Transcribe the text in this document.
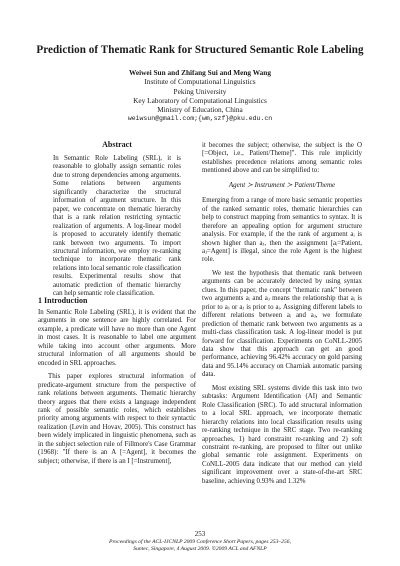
Prediction of Thematic Rank for Structured Semantic Role Labeling
Weiwei Sun and Zhifang Sui and Meng Wang
Institute of Computational Linguistics
Peking University
Key Laboratory of Computational Linguistics
Ministry of Education, China
weiwsun@gmail.com;{wm,szf}@pku.edu.cn
Abstract
In Semantic Role Labeling (SRL), it is reasonable to globally assign semantic roles due to strong dependencies among arguments. Some relations between arguments significantly characterize the structural information of argument structure. In this paper, we concentrate on thematic hierarchy that is a rank relation restricting syntactic realization of arguments. A log-linear model is proposed to accurately identify thematic rank between two arguments. To import structural information, we employ re-ranking technique to incorporate thematic rank relations into local semantic role classification results. Experimental results show that automatic prediction of thematic hierarchy can help semantic role classification.
1 Introduction
In Semantic Role Labeling (SRL), it is evident that the arguments in one sentence are highly correlated. For example, a predicate will have no more than one Agent in most cases. It is reasonable to label one argument while taking into account other arguments. More structural information of all arguments should be encoded in SRL approaches.
This paper explores structural information of predicate-argument structure from the perspective of rank relations between arguments. Thematic hierarchy theory argues that there exists a language independent rank of possible semantic roles, which establishes priority among arguments with respect to their syntactic realization (Levin and Hovav, 2005). This construct has been widely implicated in linguistic phenomena, such as in the subject selection rule of Fillmore's Case Grammar (1968): "If there is an A [=Agent], it becomes the subject; otherwise, if there is an I [=Instrument],
it becomes the subject; otherwise, the subject is the O [=Object, i.e., Patient/Theme]". This rule implicitly establishes precedence relations among semantic roles mentioned above and can be simplified to:
Agent ≻ Instrument ≻ Patient/Theme
Emerging from a range of more basic semantic properties of the ranked semantic roles, thematic hierarchies can help to construct mapping from semantics to syntax. It is therefore an appealing option for argument structure analysis. For example, if the the rank of argument aᵢ is shown higher than aⱼ, then the assignment [aᵢ=Patient, aⱼ=Agent] is illegal, since the role Agent is the highest role.
We test the hypothesis that thematic rank between arguments can be accurately detected by using syntax clues. In this paper, the concept "thematic rank" between two arguments aᵢ and aⱼ means the relationship that aᵢ is prior to aⱼ or aⱼ is prior to aᵢ. Assigning different labels to different relations between aᵢ and aⱼ, we formulate prediction of thematic rank between two arguments as a multi-class classification task. A log-linear model is put forward for classification. Experiments on CoNLL-2005 data show that this approach can get an good performance, achieving 96.42% accuracy on gold parsing data and 95.14% accuracy on Charniak automatic parsing data.
Most existing SRL systems divide this task into two subtasks: Argument Identification (AI) and Semantic Role Classification (SRC). To add structural information to a local SRL approach, we incorporate thematic hierarchy relations into local classification results using re-ranking technique in the SRC stage. Two re-ranking approaches, 1) hard constraint re-ranking and 2) soft constraint re-ranking, are proposed to filter out unlike global semantic role assignment. Experiments on CoNLL-2005 data indicate that our method can yield significant improvement over a state-of-the-art SRC baseline, achieving 0.93% and 1.32%
253
Proceedings of the ACL-IJCNLP 2009 Conference Short Papers, pages 253–256,
Suntec, Singapore, 4 August 2009. ©2009 ACL and AFNLP
